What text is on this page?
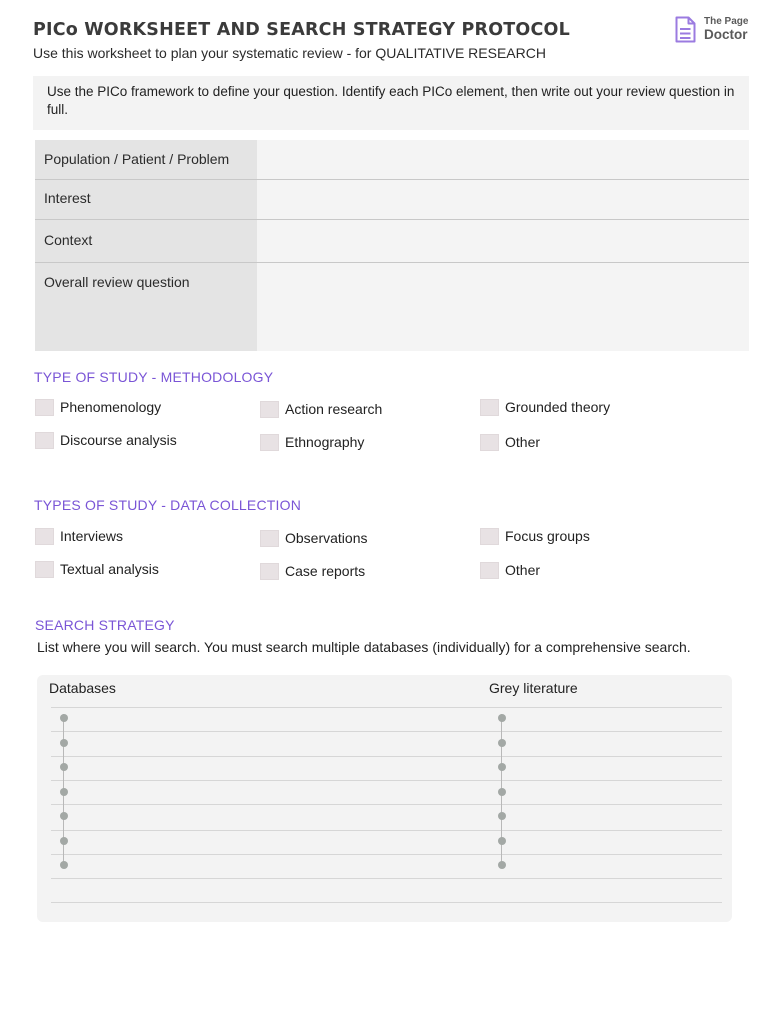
PICo WORKSHEET AND SEARCH STRATEGY PROTOCOL
Use this worksheet to plan your systematic review - for QUALITATIVE RESEARCH
The Page
Doctor
Use the PICo framework to define your question. Identify each PICo element, then write out your review question in full.
Population / Patient / Problem
Interest
Context
Overall review question
TYPE OF STUDY - METHODOLOGY
Phenomenology	Action research	Grounded theory
Discourse analysis	Ethnography	Other
TYPES OF STUDY - DATA COLLECTION
Interviews	Observations	Focus groups
Textual analysis	Case reports	Other
SEARCH STRATEGY
List where you will search. You must search multiple databases (individually) for a comprehensive search.
Databases	Grey literature
